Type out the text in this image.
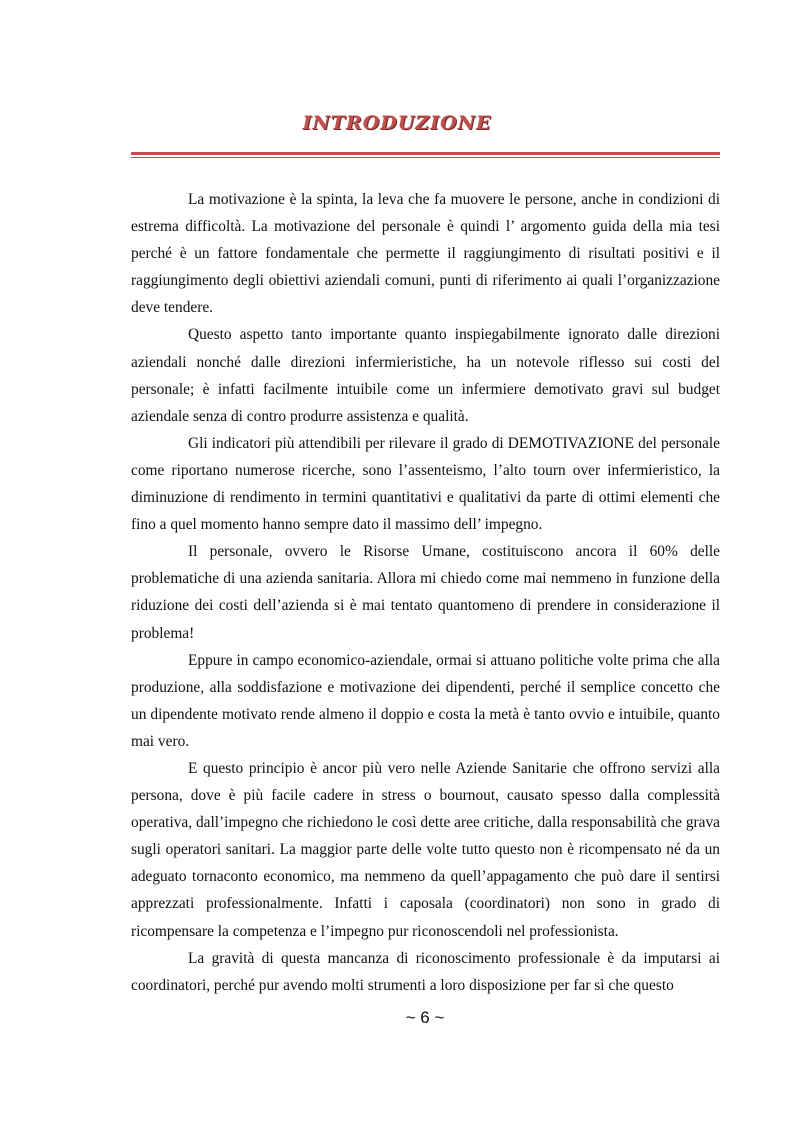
INTRODUZIONE

La motivazione è la spinta, la leva che fa muovere le persone, anche in condizioni di estrema difficoltà. La motivazione del personale è quindi l’ argomento guida della mia tesi perché è un fattore fondamentale che permette il raggiungimento di risultati positivi e il raggiungimento degli obiettivi aziendali comuni, punti di riferimento ai quali l’organizzazione deve tendere.

Questo aspetto tanto importante quanto inspiegabilmente ignorato dalle direzioni aziendali nonché dalle direzioni infermieristiche, ha un notevole riflesso sui costi del personale; è infatti facilmente intuibile come un infermiere demotivato gravi sul budget aziendale senza di contro produrre assistenza e qualità.

Gli indicatori più attendibili per rilevare il grado di DEMOTIVAZIONE del personale come riportano numerose ricerche, sono l’assenteismo, l’alto tourn over infermieristico, la diminuzione di rendimento in termini quantitativi e qualitativi da parte di ottimi elementi che fino a quel momento hanno sempre dato il massimo dell’ impegno.

Il personale, ovvero le Risorse Umane, costituiscono ancora il 60% delle problematiche di una azienda sanitaria. Allora mi chiedo come mai nemmeno in funzione della riduzione dei costi dell’azienda si è mai tentato quantomeno di prendere in considerazione il problema!

Eppure in campo economico-aziendale, ormai si attuano politiche volte prima che alla produzione, alla soddisfazione e motivazione dei dipendenti, perché il semplice concetto che un dipendente motivato rende almeno il doppio e costa la metà è tanto ovvio e intuibile, quanto mai vero.

E questo principio è ancor più vero nelle Aziende Sanitarie che offrono servizi alla persona, dove è più facile cadere in stress o bournout, causato spesso dalla complessità operativa, dall’impegno che richiedono le così dette aree critiche, dalla responsabilità che grava sugli operatori sanitari. La maggior parte delle volte tutto questo non è ricompensato né da un adeguato tornaconto economico, ma nemmeno da quell’appagamento che può dare il sentirsi apprezzati professionalmente. Infatti i caposala (coordinatori) non sono in grado di ricompensare la competenza e l’impegno pur riconoscendoli nel professionista.

La gravità di questa mancanza di riconoscimento professionale è da imputarsi ai coordinatori, perché pur avendo molti strumenti a loro disposizione per far sì che questo

~ 6 ~
